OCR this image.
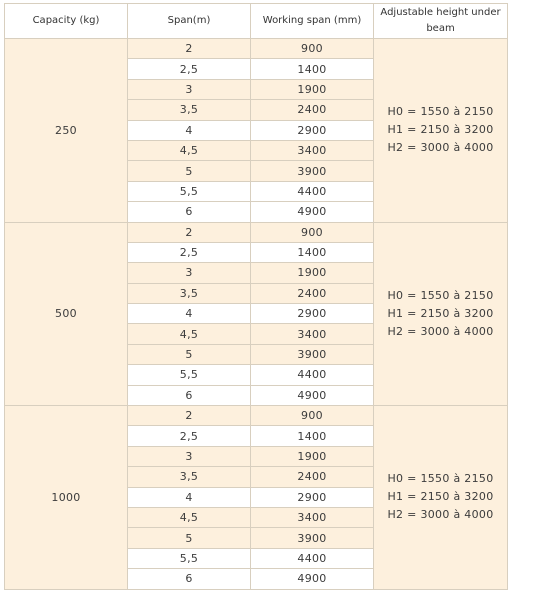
Capacity (kg)	Span(m)	Working span (mm)	Adjustable height under beam
250	2	900	H0 = 1550 à 2150
H1 = 2150 à 3200
H2 = 3000 à 4000

	2,5	1400	
	3	1900	
	3,5	2400	
	4	2900	
	4,5	3400	
	5	3900	
	5,5	4400	
	6	4900	
500	2	900	H0 = 1550 à 2150
H1 = 2150 à 3200
H2 = 3000 à 4000

	2,5	1400	
	3	1900	
	3,5	2400	
	4	2900	
	4,5	3400	
	5	3900	
	5,5	4400	
	6	4900	
1000	2	900	H0 = 1550 à 2150
H1 = 2150 à 3200
H2 = 3000 à 4000

	2,5	1400	
	3	1900	
	3,5	2400	
	4	2900	
	4,5	3400	
	5	3900	
	5,5	4400	
	6	4900	
